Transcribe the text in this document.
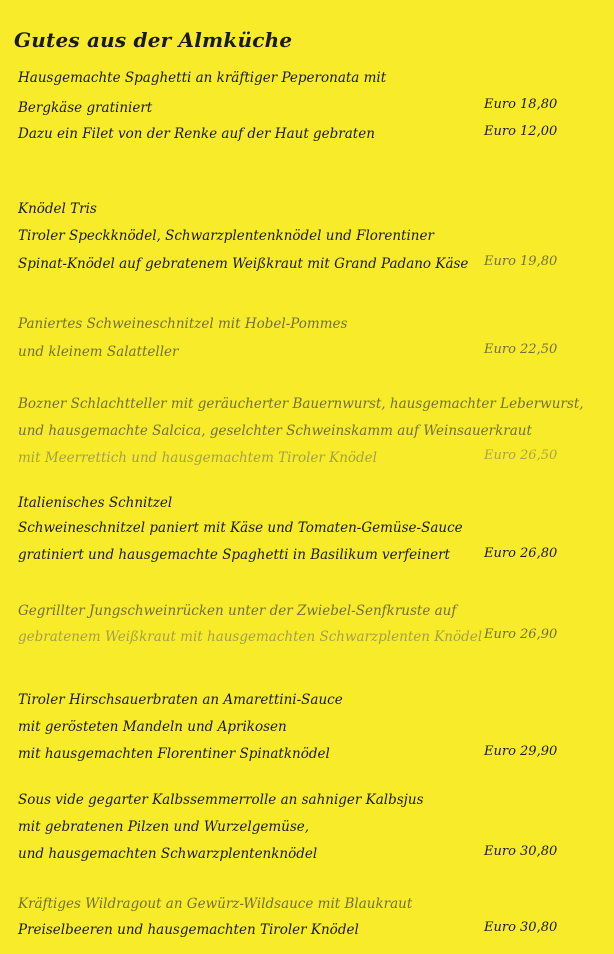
Gutes aus der Almküche
Hausgemachte Spaghetti an kräftiger Peperonata mit
Bergkäse gratiniert	Euro 18,80
Dazu ein Filet von der Renke auf der Haut gebraten	Euro 12,00
Knödel Tris
Tiroler Speckknödel, Schwarzplentenknödel und Florentiner
Spinat-Knödel auf gebratenem Weißkraut mit Grand Padano Käse Euro 19,80
Paniertes Schweineschnitzel mit Hobel-Pommes
und kleinem Salatteller	Euro 22,50
Bozner Schlachtteller mit geräucherter Bauernwurst, hausgemachter Leberwurst,
und hausgemachte Salcica, geselchter Schweinskamm auf Weinsauerkraut
mit Meerrettich und hausgemachtem Tiroler Knödel	Euro 26,50
Italienisches Schnitzel
Schweineschnitzel paniert mit Käse und Tomaten-Gemüse-Sauce
gratiniert und hausgemachte Spaghetti in Basilikum verfeinert	Euro 26,80
Gegrillter Jungschweinrücken unter der Zwiebel-Senfkruste auf
gebratenem Weißkraut mit hausgemachten Schwarzplenten Knödel Euro 26,90
Tiroler Hirschsauerbraten an Amarettini-Sauce
mit gerösteten Mandeln und Aprikosen
mit hausgemachten Florentiner Spinatknödel	Euro 29,90
Sous vide gegarter Kalbssemmerrolle an sahniger Kalbsjus
mit gebratenen Pilzen und Wurzelgemüse,
und hausgemachten Schwarzplentenknödel	Euro 30,80
Kräftiges Wildragout an Gewürz-Wildsauce mit Blaukraut
Preiselbeeren und hausgemachten Tiroler Knödel	Euro 30,80
